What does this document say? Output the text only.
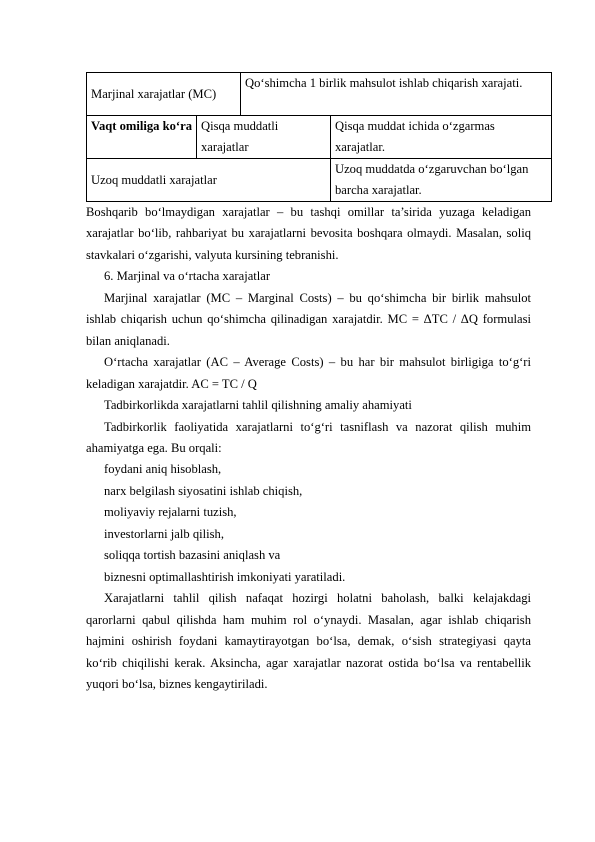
Marjinal xarajatlar (MC)		Qo‘shimcha 1 birlik mahsulot ishlab chiqarish xarajati.	
Vaqt omiliga ko‘ra	Qisqa muddatli xarajatlar		Qisqa muddat ichida o‘zgarmas xarajatlar.
Uzoq muddatli xarajatlar			Uzoq muddatda o‘zgaruvchan bo‘lgan barcha xarajatlar.

Boshqarib bo‘lmaydigan xarajatlar – bu tashqi omillar ta’sirida yuzaga keladigan xarajatlar bo‘lib, rahbariyat bu xarajatlarni bevosita boshqara olmaydi. Masalan, soliq stavkalari o‘zgarishi, valyuta kursining tebranishi.

6. Marjinal va o‘rtacha xarajatlar

Marjinal xarajatlar (MC – Marginal Costs) – bu qo‘shimcha bir birlik mahsulot ishlab chiqarish uchun qo‘shimcha qilinadigan xarajatdir. MC = ΔTC / ΔQ formulasi bilan aniqlanadi.

O‘rtacha xarajatlar (AC – Average Costs) – bu har bir mahsulot birligiga to‘g‘ri keladigan xarajatdir. AC = TC / Q

Tadbirkorlikda xarajatlarni tahlil qilishning amaliy ahamiyati

Tadbirkorlik faoliyatida xarajatlarni to‘g‘ri tasniflash va nazorat qilish muhim ahamiyatga ega. Bu orqali:

foydani aniq hisoblash,

narx belgilash siyosatini ishlab chiqish,

moliyaviy rejalarni tuzish,

investorlarni jalb qilish,

soliqqa tortish bazasini aniqlash va

biznesni optimallashtirish imkoniyati yaratiladi.

Xarajatlarni tahlil qilish nafaqat hozirgi holatni baholash, balki kelajakdagi qarorlarni qabul qilishda ham muhim rol o‘ynaydi. Masalan, agar ishlab chiqarish hajmini oshirish foydani kamaytirayotgan bo‘lsa, demak, o‘sish strategiyasi qayta ko‘rib chiqilishi kerak. Aksincha, agar xarajatlar nazorat ostida bo‘lsa va rentabellik yuqori bo‘lsa, biznes kengaytiriladi.
